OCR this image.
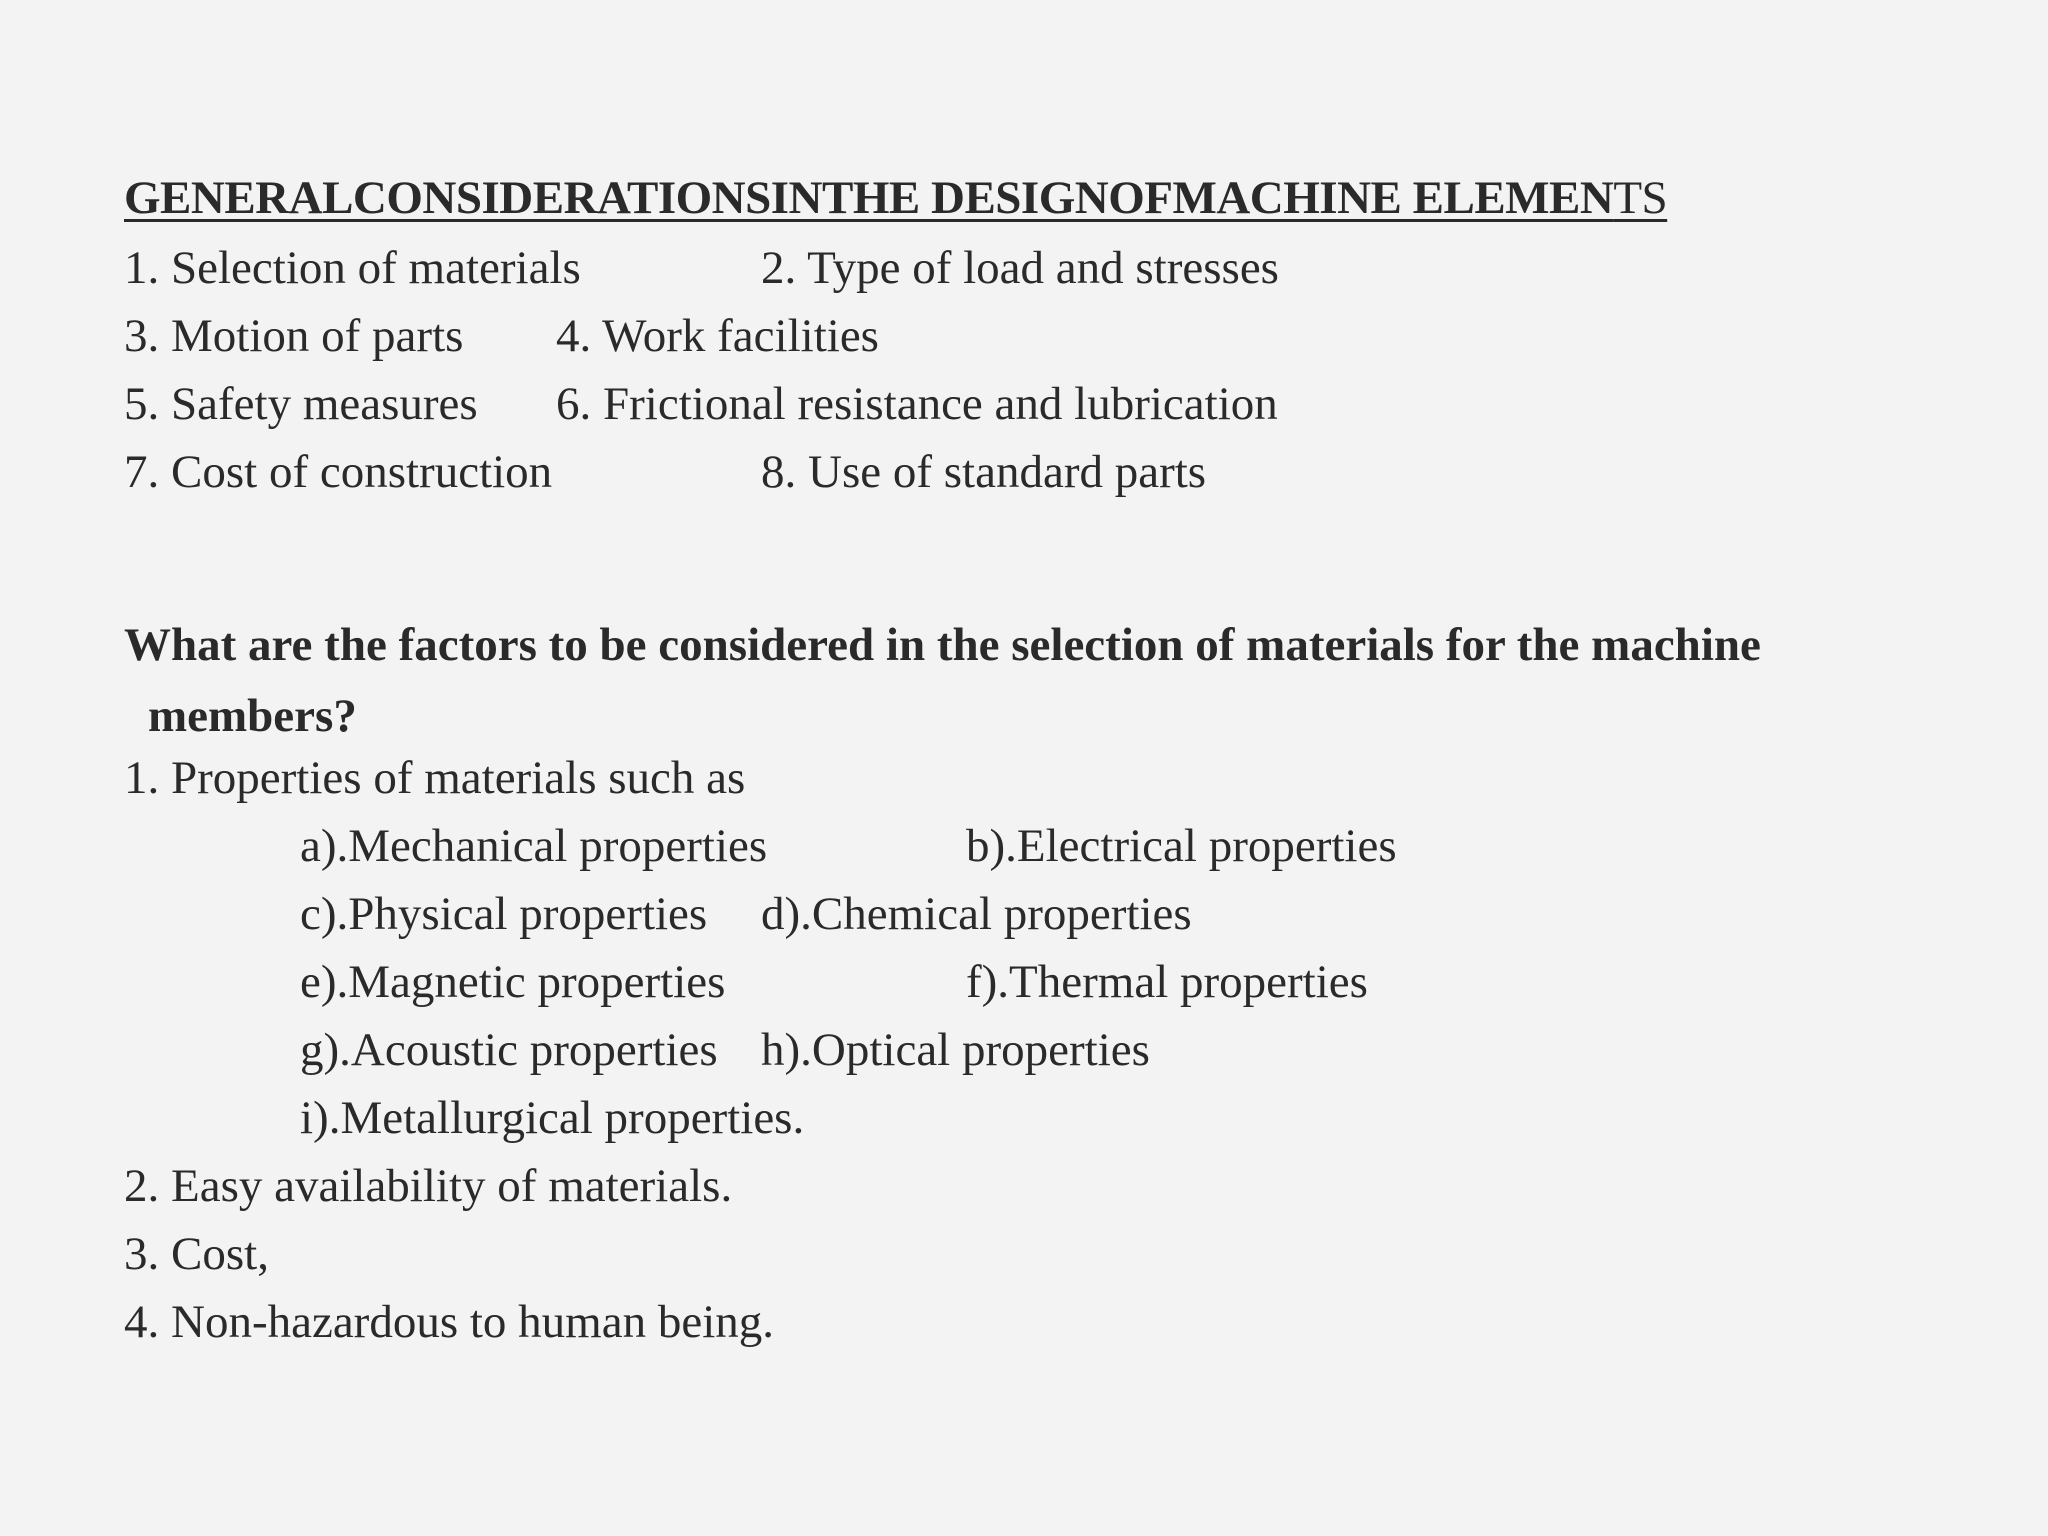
GENERALCONSIDERATIONSINTHE DESIGNOFMACHINE ELEMENTS
1. Selection of materials	2. Type of load and stresses
3. Motion of parts 4. Work facilities
5. Safety measures 6. Frictional resistance and lubrication
7. Cost of construction	8. Use of standard parts
What are the factors to be considered in the selection of materials for the machine
members?
1. Properties of materials such as
a).Mechanical properties	b).Electrical properties
c).Physical properties d).Chemical properties
e).Magnetic properties	f).Thermal properties
g).Acoustic properties h).Optical properties
i).Metallurgical properties.
2. Easy availability of materials.
3. Cost,
4. Non-hazardous to human being.
